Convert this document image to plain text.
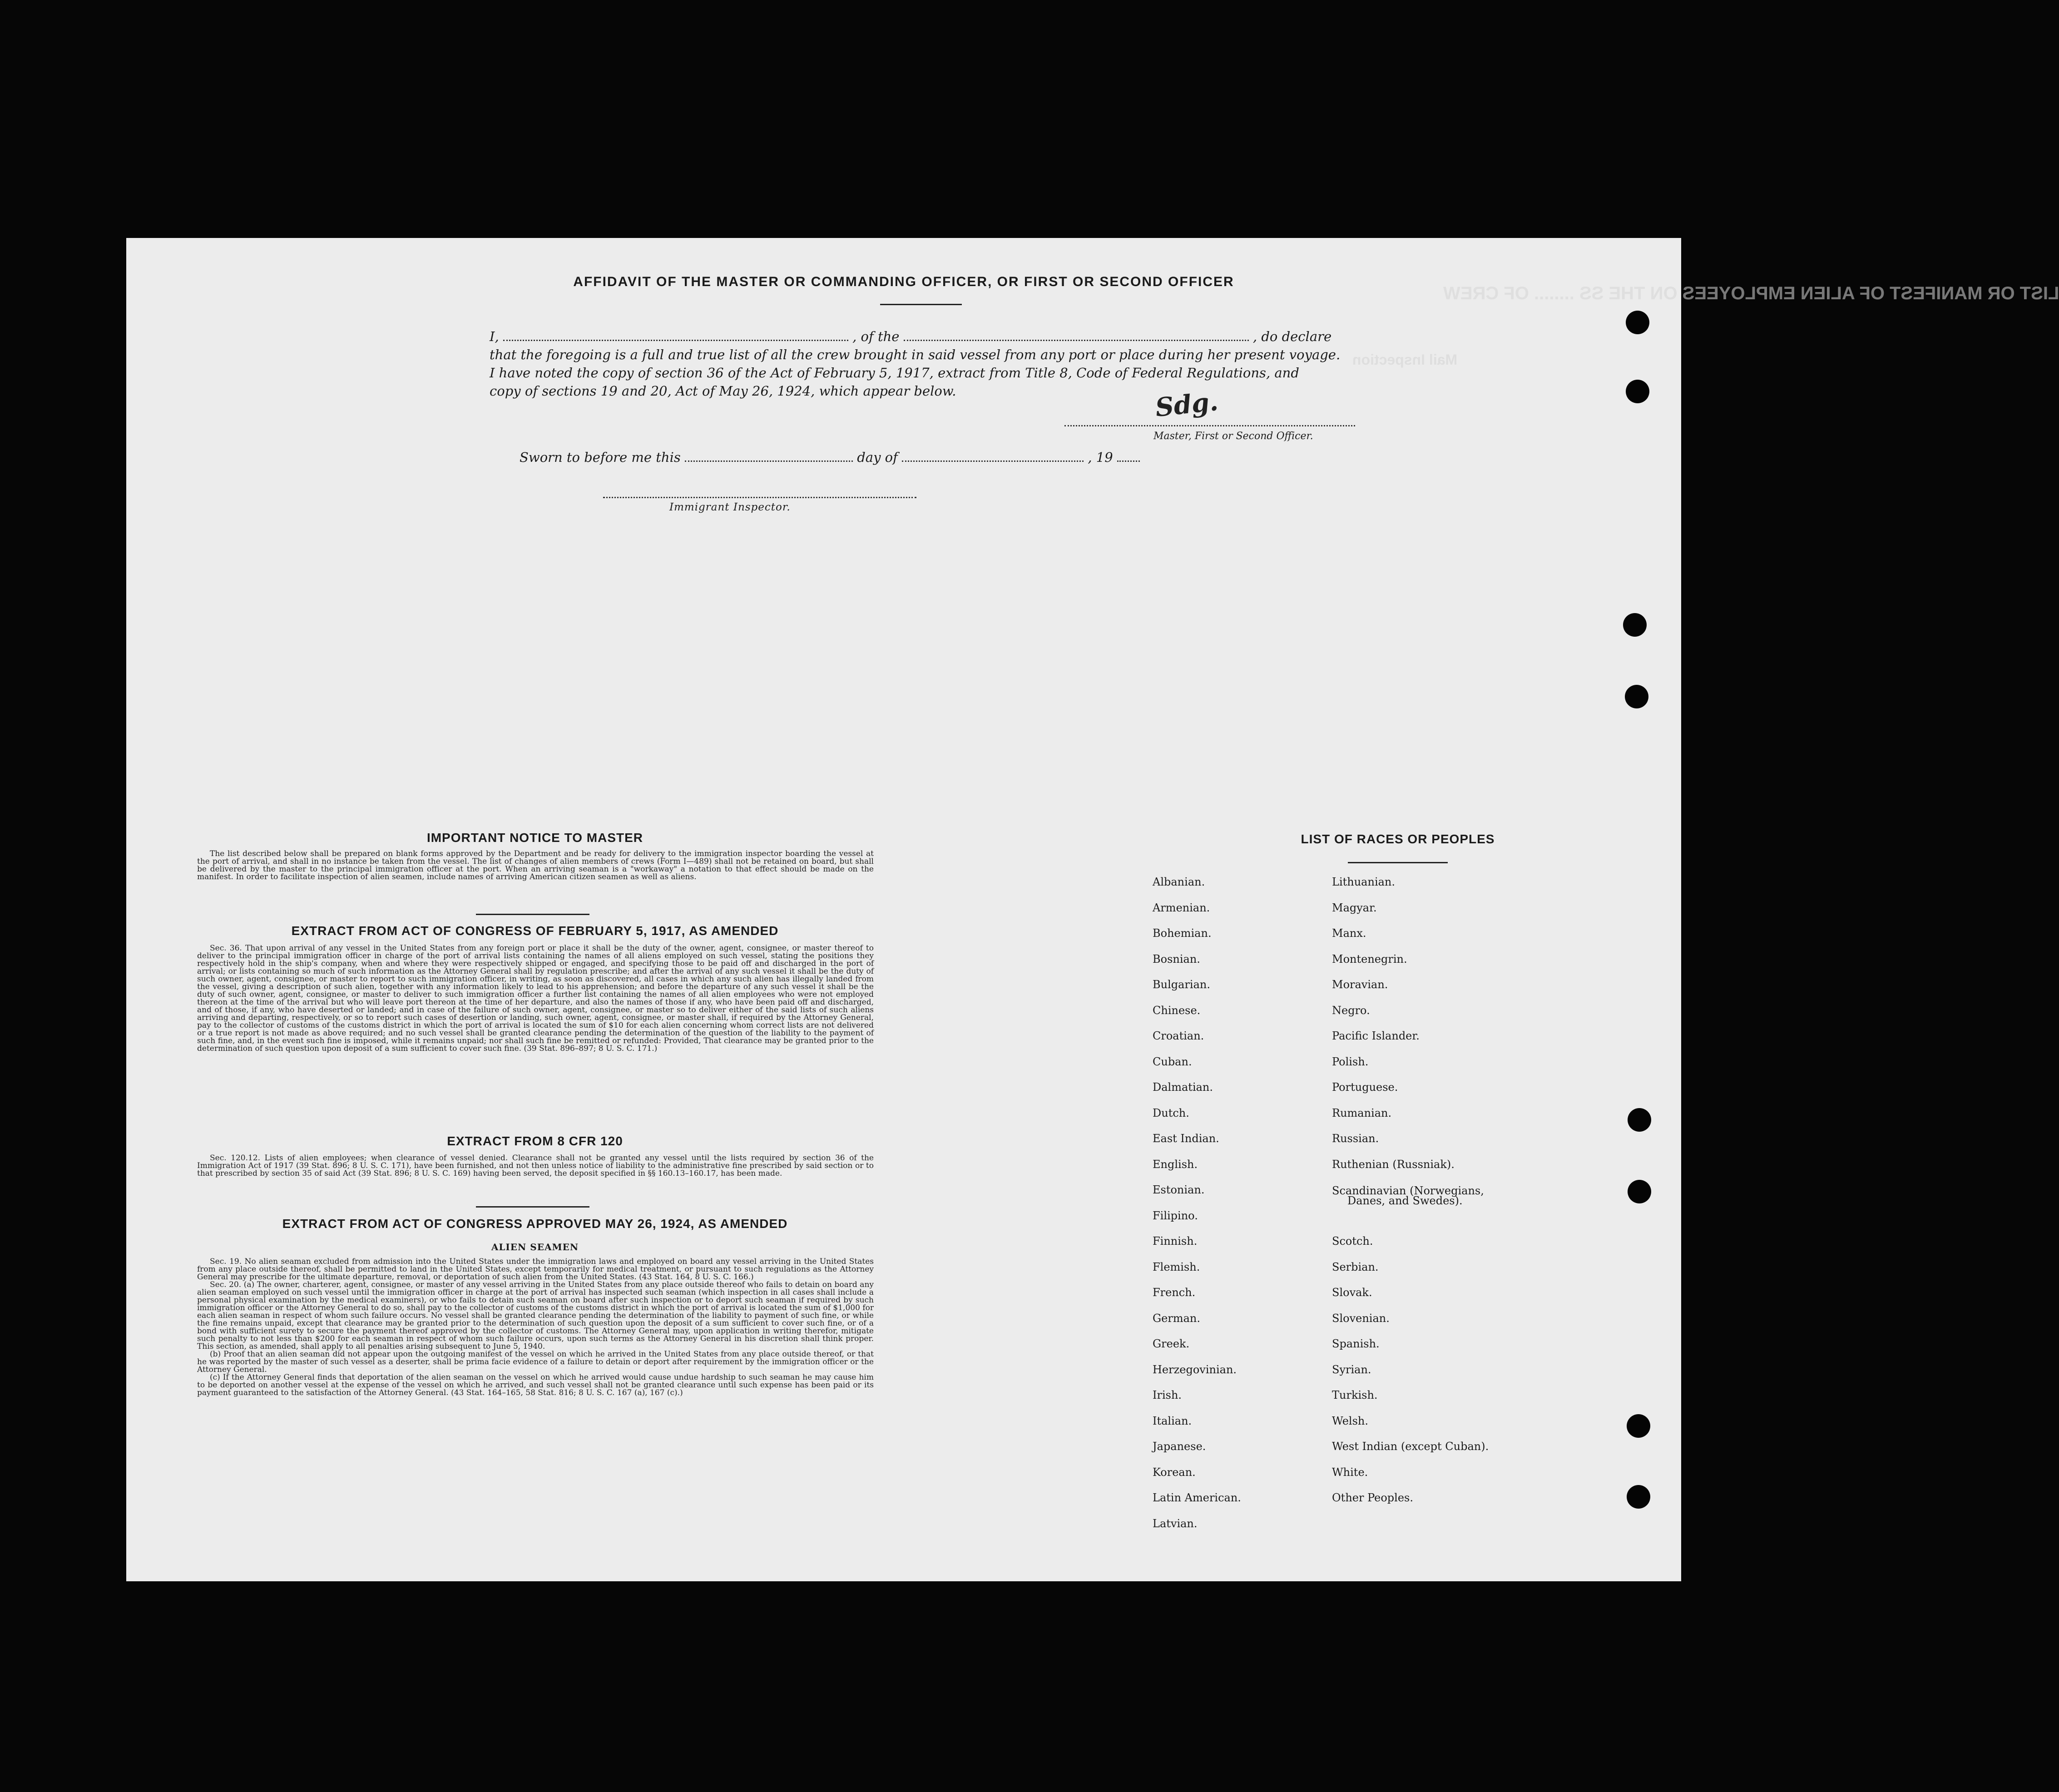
LIST OR MANIFEST OF ALIEN EMPLOYEES ON THE SS ........ OF CREW
Mail Inspection
AFFIDAVIT OF THE MASTER OR COMMANDING OFFICER, OR FIRST OR SECOND OFFICER
I,	, of the	, do declare
that the foregoing is a full and true list of all the crew brought in said vessel from any port or place during her present voyage.
I have noted the copy of section 36 of the Act of February 5, 1917, extract from Title 8, Code of Federal Regulations, and
copy of sections 19 and 20, Act of May 26, 1924, which appear below.	Sdg.
Master, First or Second Officer.
Sworn to before me this	day of	, 19
Immigrant Inspector.
IMPORTANT NOTICE TO MASTER

The list described below shall be prepared on blank forms approved by the Department and be ready for delivery to the immigration inspector boarding the vessel at the port of arrival, and shall in no instance be taken from the vessel. The list of changes of alien members of crews (Form I—489) shall not be retained on board, but shall be delivered by the master to the principal immigration officer at the port. When an arriving seaman is a "workaway" a notation to that effect should be made on the manifest. In order to facilitate inspection of alien seamen, include names of arriving American citizen seamen as well as aliens.

EXTRACT FROM ACT OF CONGRESS OF FEBRUARY 5, 1917, AS AMENDED

Sec. 36. That upon arrival of any vessel in the United States from any foreign port or place it shall be the duty of the owner, agent, consignee, or master thereof to deliver to the principal immigration officer in charge of the port of arrival lists containing the names of all aliens employed on such vessel, stating the positions they respectively hold in the ship's company, when and where they were respectively shipped or engaged, and specifying those to be paid off and discharged in the port of arrival; or lists containing so much of such information as the Attorney General shall by regulation prescribe; and after the arrival of any such vessel it shall be the duty of such owner, agent, consignee, or master to report to such immigration officer, in writing, as soon as discovered, all cases in which any such alien has illegally landed from the vessel, giving a description of such alien, together with any information likely to lead to his apprehension; and before the departure of any such vessel it shall be the duty of such owner, agent, consignee, or master to deliver to such immigration officer a further list containing the names of all alien employees who were not employed thereon at the time of the arrival but who will leave port thereon at the time of her departure, and also the names of those if any, who have been paid off and discharged, and of those, if any, who have deserted or landed; and in case of the failure of such owner, agent, consignee, or master so to deliver either of the said lists of such aliens arriving and departing, respectively, or so to report such cases of desertion or landing, such owner, agent, consignee, or master shall, if required by the Attorney General, pay to the collector of customs of the customs district in which the port of arrival is located the sum of $10 for each alien concerning whom correct lists are not delivered or a true report is not made as above required; and no such vessel shall be granted clearance pending the determination of the question of the liability to the payment of such fine, and, in the event such fine is imposed, while it remains unpaid; nor shall such fine be remitted or refunded: Provided, That clearance may be granted prior to the determination of such question upon deposit of a sum sufficient to cover such fine. (39 Stat. 896–897; 8 U. S. C. 171.)

EXTRACT FROM 8 CFR 120

Sec. 120.12. Lists of alien employees; when clearance of vessel denied. Clearance shall not be granted any vessel until the lists required by section 36 of the Immigration Act of 1917 (39 Stat. 896; 8 U. S. C. 171), have been furnished, and not then unless notice of liability to the administrative fine prescribed by said section or to that prescribed by section 35 of said Act (39 Stat. 896; 8 U. S. C. 169) having been served, the deposit specified in §§ 160.13–160.17, has been made.

EXTRACT FROM ACT OF CONGRESS APPROVED MAY 26, 1924, AS AMENDED
ALIEN SEAMEN

Sec. 19. No alien seaman excluded from admission into the United States under the immigration laws and employed on board any vessel arriving in the United States from any place outside thereof, shall be permitted to land in the United States, except temporarily for medical treatment, or pursuant to such regulations as the Attorney General may prescribe for the ultimate departure, removal, or deportation of such alien from the United States. (43 Stat. 164, 8 U. S. C. 166.)

Sec. 20. (a) The owner, charterer, agent, consignee, or master of any vessel arriving in the United States from any place outside thereof who fails to detain on board any alien seaman employed on such vessel until the immigration officer in charge at the port of arrival has inspected such seaman (which inspection in all cases shall include a personal physical examination by the medical examiners), or who fails to detain such seaman on board after such inspection or to deport such seaman if required by such immigration officer or the Attorney General to do so, shall pay to the collector of customs of the customs district in which the port of arrival is located the sum of $1,000 for each alien seaman in respect of whom such failure occurs. No vessel shall be granted clearance pending the determination of the liability to payment of such fine, or while the fine remains unpaid, except that clearance may be granted prior to the determination of such question upon the deposit of a sum sufficient to cover such fine, or of a bond with sufficient surety to secure the payment thereof approved by the collector of customs. The Attorney General may, upon application in writing therefor, mitigate such penalty to not less than $200 for each seaman in respect of whom such failure occurs, upon such terms as the Attorney General in his discretion shall think proper. This section, as amended, shall apply to all penalties arising subsequent to June 5, 1940.

(b) Proof that an alien seaman did not appear upon the outgoing manifest of the vessel on which he arrived in the United States from any place outside thereof, or that he was reported by the master of such vessel as a deserter, shall be prima facie evidence of a failure to detain or deport after requirement by the immigration officer or the Attorney General.

(c) If the Attorney General finds that deportation of the alien seaman on the vessel on which he arrived would cause undue hardship to such seaman he may cause him to be deported on another vessel at the expense of the vessel on which he arrived, and such vessel shall not be granted clearance until such expense has been paid or its payment guaranteed to the satisfaction of the Attorney General. (43 Stat. 164–165, 58 Stat. 816; 8 U. S. C. 167 (a), 167 (c).)

LIST OF RACES OR PEOPLES
Albanian.
Armenian.
Bohemian.
Bosnian.
Bulgarian.
Chinese.
Croatian.
Cuban.
Dalmatian.
Dutch.
East Indian.
English.
Estonian.
Filipino.
Finnish.
Flemish.
French.
German.
Greek.
Herzegovinian.
Irish.
Italian.
Japanese.
Korean.
Latin American.
Latvian.
Lithuanian.
Magyar.
Manx.
Montenegrin.
Moravian.
Negro.
Pacific Islander.
Polish.
Portuguese.
Rumanian.
Russian.
Ruthenian (Russniak).
Scandinavian (Norwegians,
Danes, and Swedes).
Scotch.
Serbian.
Slovak.
Slovenian.
Spanish.
Syrian.
Turkish.
Welsh.
West Indian (except Cuban).
White.
Other Peoples.
